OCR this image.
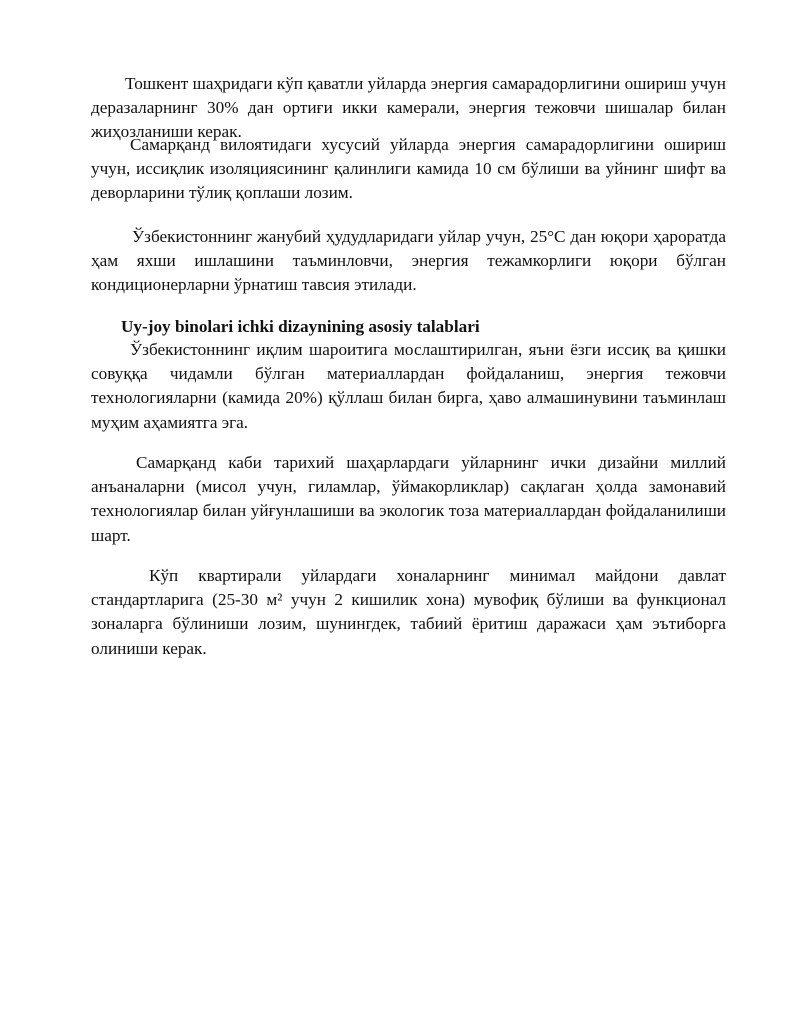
Тошкент шаҳридаги кўп қаватли уйларда энергия самарадорлигини ошириш учун деразаларнинг 30% дан ортиғи икки камерали, энергия тежовчи шишалар билан жиҳозланиши керак.

Самарқанд вилоятидаги хусусий уйларда энергия самарадорлигини ошириш учун, иссиқлик изоляциясининг қалинлиги камида 10 см бўлиши ва уйнинг шифт ва деворларини тўлиқ қоплаши лозим.

Ўзбекистоннинг жанубий ҳудудларидаги уйлар учун, 25°C дан юқори ҳароратда ҳам яхши ишлашини таъминловчи, энергия тежамкорлиги юқори бўлган кондиционерларни ўрнатиш тавсия этилади.

Uy-joy binolari ichki dizaynining asosiy talablari

Ўзбекистоннинг иқлим шароитига мослаштирилган, яъни ёзги иссиқ ва қишки совуққа чидамли бўлган материаллардан фойдаланиш, энергия тежовчи технологияларни (камида 20%) қўллаш билан бирга, ҳаво алмашинувини таъминлаш муҳим аҳамиятга эга.

Самарқанд каби тарихий шаҳарлардаги уйларнинг ички дизайни миллий анъаналарни (мисол учун, гиламлар, ўймакорликлар) сақлаган ҳолда замонавий технологиялар билан уйғунлашиши ва экологик тоза материаллардан фойдаланилиши шарт.

Кўп квартирали уйлардаги хоналарнинг минимал майдони давлат стандартларига (25-30 м² учун 2 кишилик хона) мувофиқ бўлиши ва функционал зоналарга бўлиниши лозим, шунингдек, табиий ёритиш даражаси ҳам эътиборга олиниши керак.
